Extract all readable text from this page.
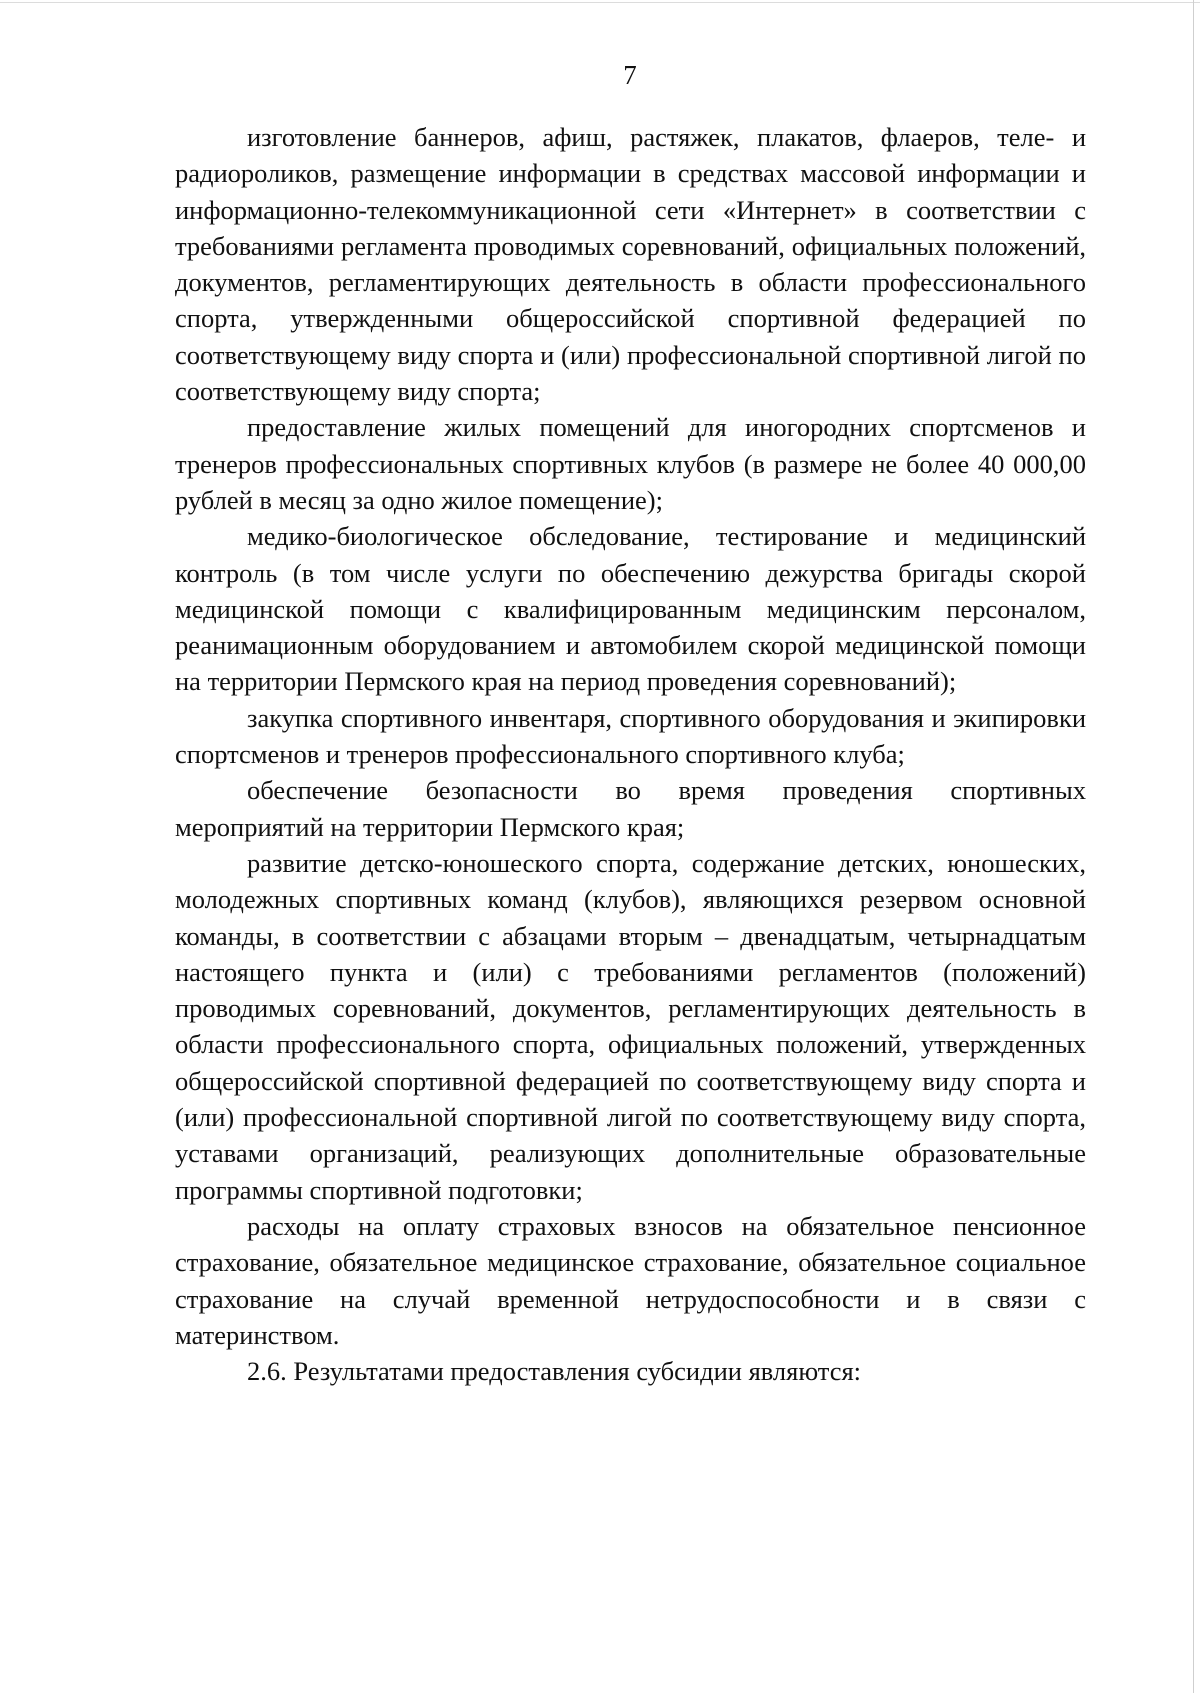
7

изготовление баннеров, афиш, растяжек, плакатов, флаеров, теле- и радиороликов, размещение информации в средствах массовой информации и информационно-телекоммуникационной сети «Интернет» в соответствии с требованиями регламента проводимых соревнований, официальных положений, документов, регламентирующих деятельность в области профессионального спорта, утвержденными общероссийской спортивной федерацией по соответствующему виду спорта и (или) профессиональной спортивной лигой по соответствующему виду спорта;

предоставление жилых помещений для иногородних спортсменов и тренеров профессиональных спортивных клубов (в размере не более 40 000,00 рублей в месяц за одно жилое помещение);

медико-биологическое обследование, тестирование и медицинский контроль (в том числе услуги по обеспечению дежурства бригады скорой медицинской помощи с квалифицированным медицинским персоналом, реанимационным оборудованием и автомобилем скорой медицинской помощи на территории Пермского края на период проведения соревнований);

закупка спортивного инвентаря, спортивного оборудования и экипировки спортсменов и тренеров профессионального спортивного клуба;

обеспечение безопасности во время проведения спортивных мероприятий на территории Пермского края;

развитие детско-юношеского спорта, содержание детских, юношеских, молодежных спортивных команд (клубов), являющихся резервом основной команды, в соответствии с абзацами вторым – двенадцатым, четырнадцатым настоящего пункта и (или) с требованиями регламентов (положений) проводимых соревнований, документов, регламентирующих деятельность в области профессионального спорта, официальных положений, утвержденных общероссийской спортивной федерацией по соответствующему виду спорта и (или) профессиональной спортивной лигой по соответствующему виду спорта, уставами организаций, реализующих дополнительные образовательные программы спортивной подготовки;

расходы на оплату страховых взносов на обязательное пенсионное страхование, обязательное медицинское страхование, обязательное социальное страхование на случай временной нетрудоспособности и в связи с материнством.

2.6. Результатами предоставления субсидии являются:
